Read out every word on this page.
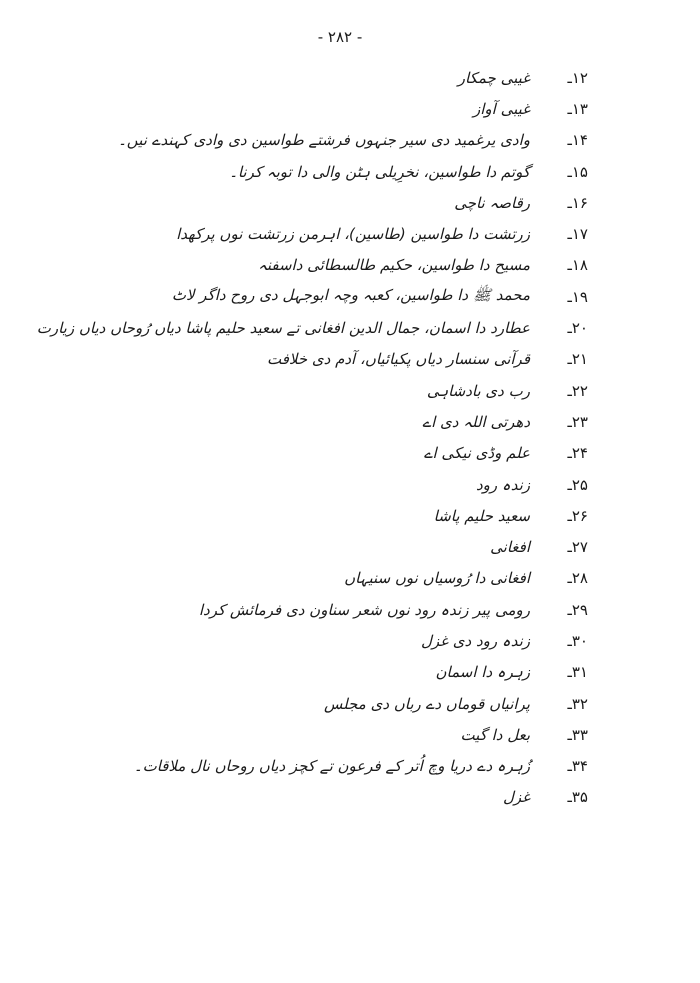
- ۲۸۲ -
۱۲ـ
غیبی چمکار
۱۳ـ
غیبی آواز
۱۴ـ
وادی یرغمید دی سیر جنہوں فرشتے طواسین دی وادی کہندے نیں۔
۱۵ـ
گوتم دا طواسین، نخرِیلی ہٹن والی دا توبہ کرنا۔
۱۶ـ
رقاصہ ناچی
۱۷ـ
زرتشت دا طواسین (طاسین)، اہرمن زرتشت نوں پرکھدا
۱۸ـ
مسیح دا طواسین، حکیم طالسطائی داسفنہ
۱۹ـ
محمد ﷺ دا طواسین، کعبہ وچہ ابوجہل دی روح داگر لاٹ
۲۰ـ
عطارد دا اسمان، جمال الدین افغانی تے سعید حلیم پاشا دیاں رُوحاں دیاں زیارت
۲۱ـ
قرآنی سنسار دیاں پکیائیاں، آدم دی خلافت
۲۲ـ
رب دی بادشاہی
۲۳ـ
دھرتی اللہ دی اے
۲۴ـ
علم وڈی نیکی اے
۲۵ـ
زندہ رود
۲۶ـ
سعید حلیم پاشا
۲۷ـ
افغانی
۲۸ـ
افغانی دا رُوسیاں نوں سنیہاں
۲۹ـ
رومی پیر زندہ رود نوں شعر سناون دی فرمائش کردا
۳۰ـ
زندہ رود دی غزل
۳۱ـ
زہرہ دا اسمان
۳۲ـ
پرانیاں قوماں دے رباں دی مجلس
۳۳ـ
بعل دا گیت
۳۴ـ
زُہرہ دے دریا وچ اُتر کے فرعون تے کچز دیاں روحاں نال ملاقات۔
۳۵ـ
غزل
